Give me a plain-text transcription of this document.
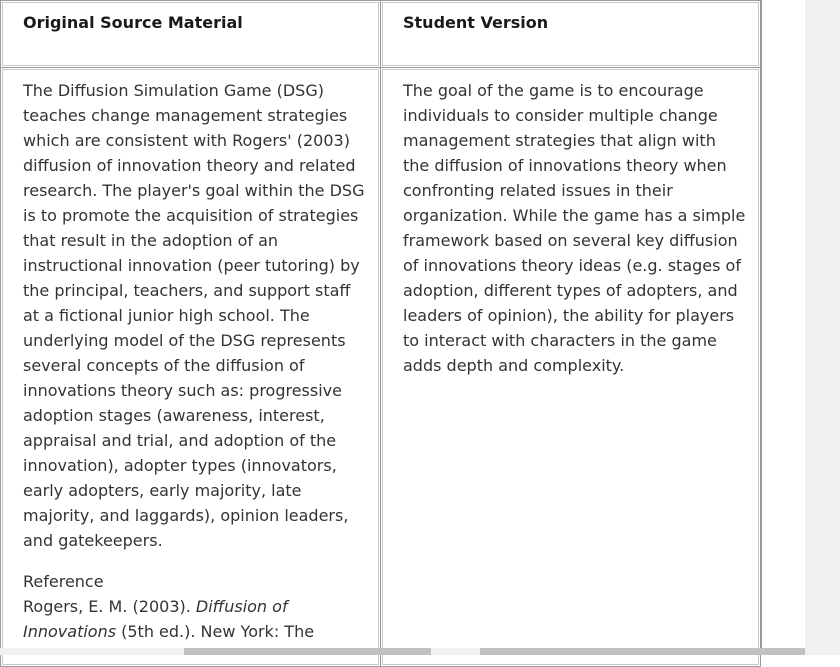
Original Source Material	Student Version

The Diffusion Simulation Game (DSG) teaches change management strategies which are consistent with Rogers' (2003) diffusion of innovation theory and related research. The player's goal within the DSG is to promote the acquisition of strategies that result in the adoption of an instructional innovation (peer tutoring) by the principal, teachers, and support staff at a fictional junior high school. The underlying model of the DSG represents several concepts of the diffusion of innovations theory such as: progressive adoption stages (awareness, interest, appraisal and trial, and adoption of the innovation), adopter types (innovators, early adopters, early majority, late majority, and laggards), opinion leaders, and gatekeepers.

Reference
Rogers, E. M. (2003). Diffusion of Innovations (5th ed.). New York: The

The goal of the game is to encourage individuals to consider multiple change management strategies that align with the diffusion of innovations theory when confronting related issues in their organization. While the game has a simple framework based on several key diffusion of innovations theory ideas (e.g. stages of adoption, different types of adopters, and leaders of opinion), the ability for players to interact with characters in the game adds depth and complexity.
